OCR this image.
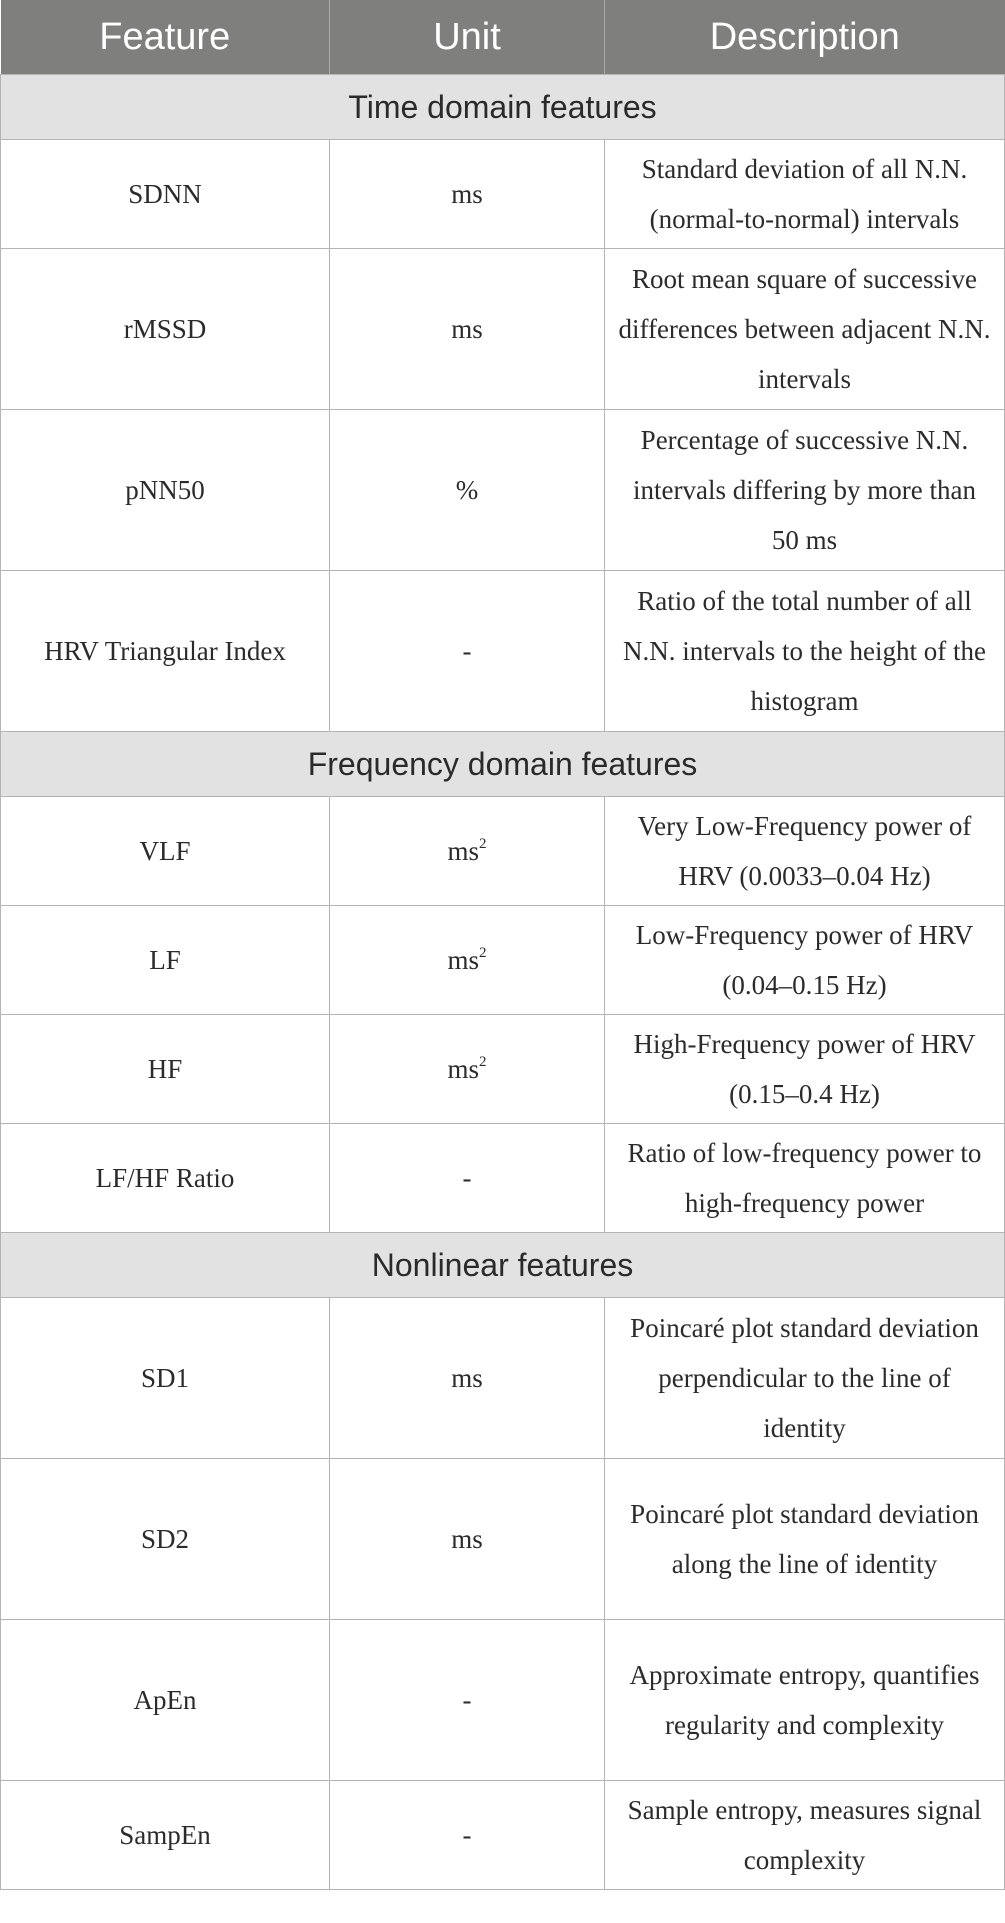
Feature	Unit	Description
Time domain features		
SDNN	ms	Standard deviation of all N.N. (normal-to-normal) intervals
rMSSD	ms	Root mean square of successive differences between adjacent N.N. intervals
pNN50	%	Percentage of successive N.N. intervals differing by more than 50 ms
HRV Triangular Index	-	Ratio of the total number of all N.N. intervals to the height of the histogram
Frequency domain features		
VLF	$ms^2$	Very Low-Frequency power of HRV (0.0033–0.04 Hz)
LF	$ms^2$	Low-Frequency power of HRV (0.04–0.15 Hz)
HF	$ms^2$	High-Frequency power of HRV (0.15–0.4 Hz)
LF/HF Ratio	-	Ratio of low-frequency power to high-frequency power
Nonlinear features		
SD1	ms	Poincaré plot standard deviation perpendicular to the line of identity
SD2	ms	Poincaré plot standard deviation along the line of identity
ApEn	-	Approximate entropy, quantifies regularity and complexity
SampEn	-	Sample entropy, measures signal complexity
